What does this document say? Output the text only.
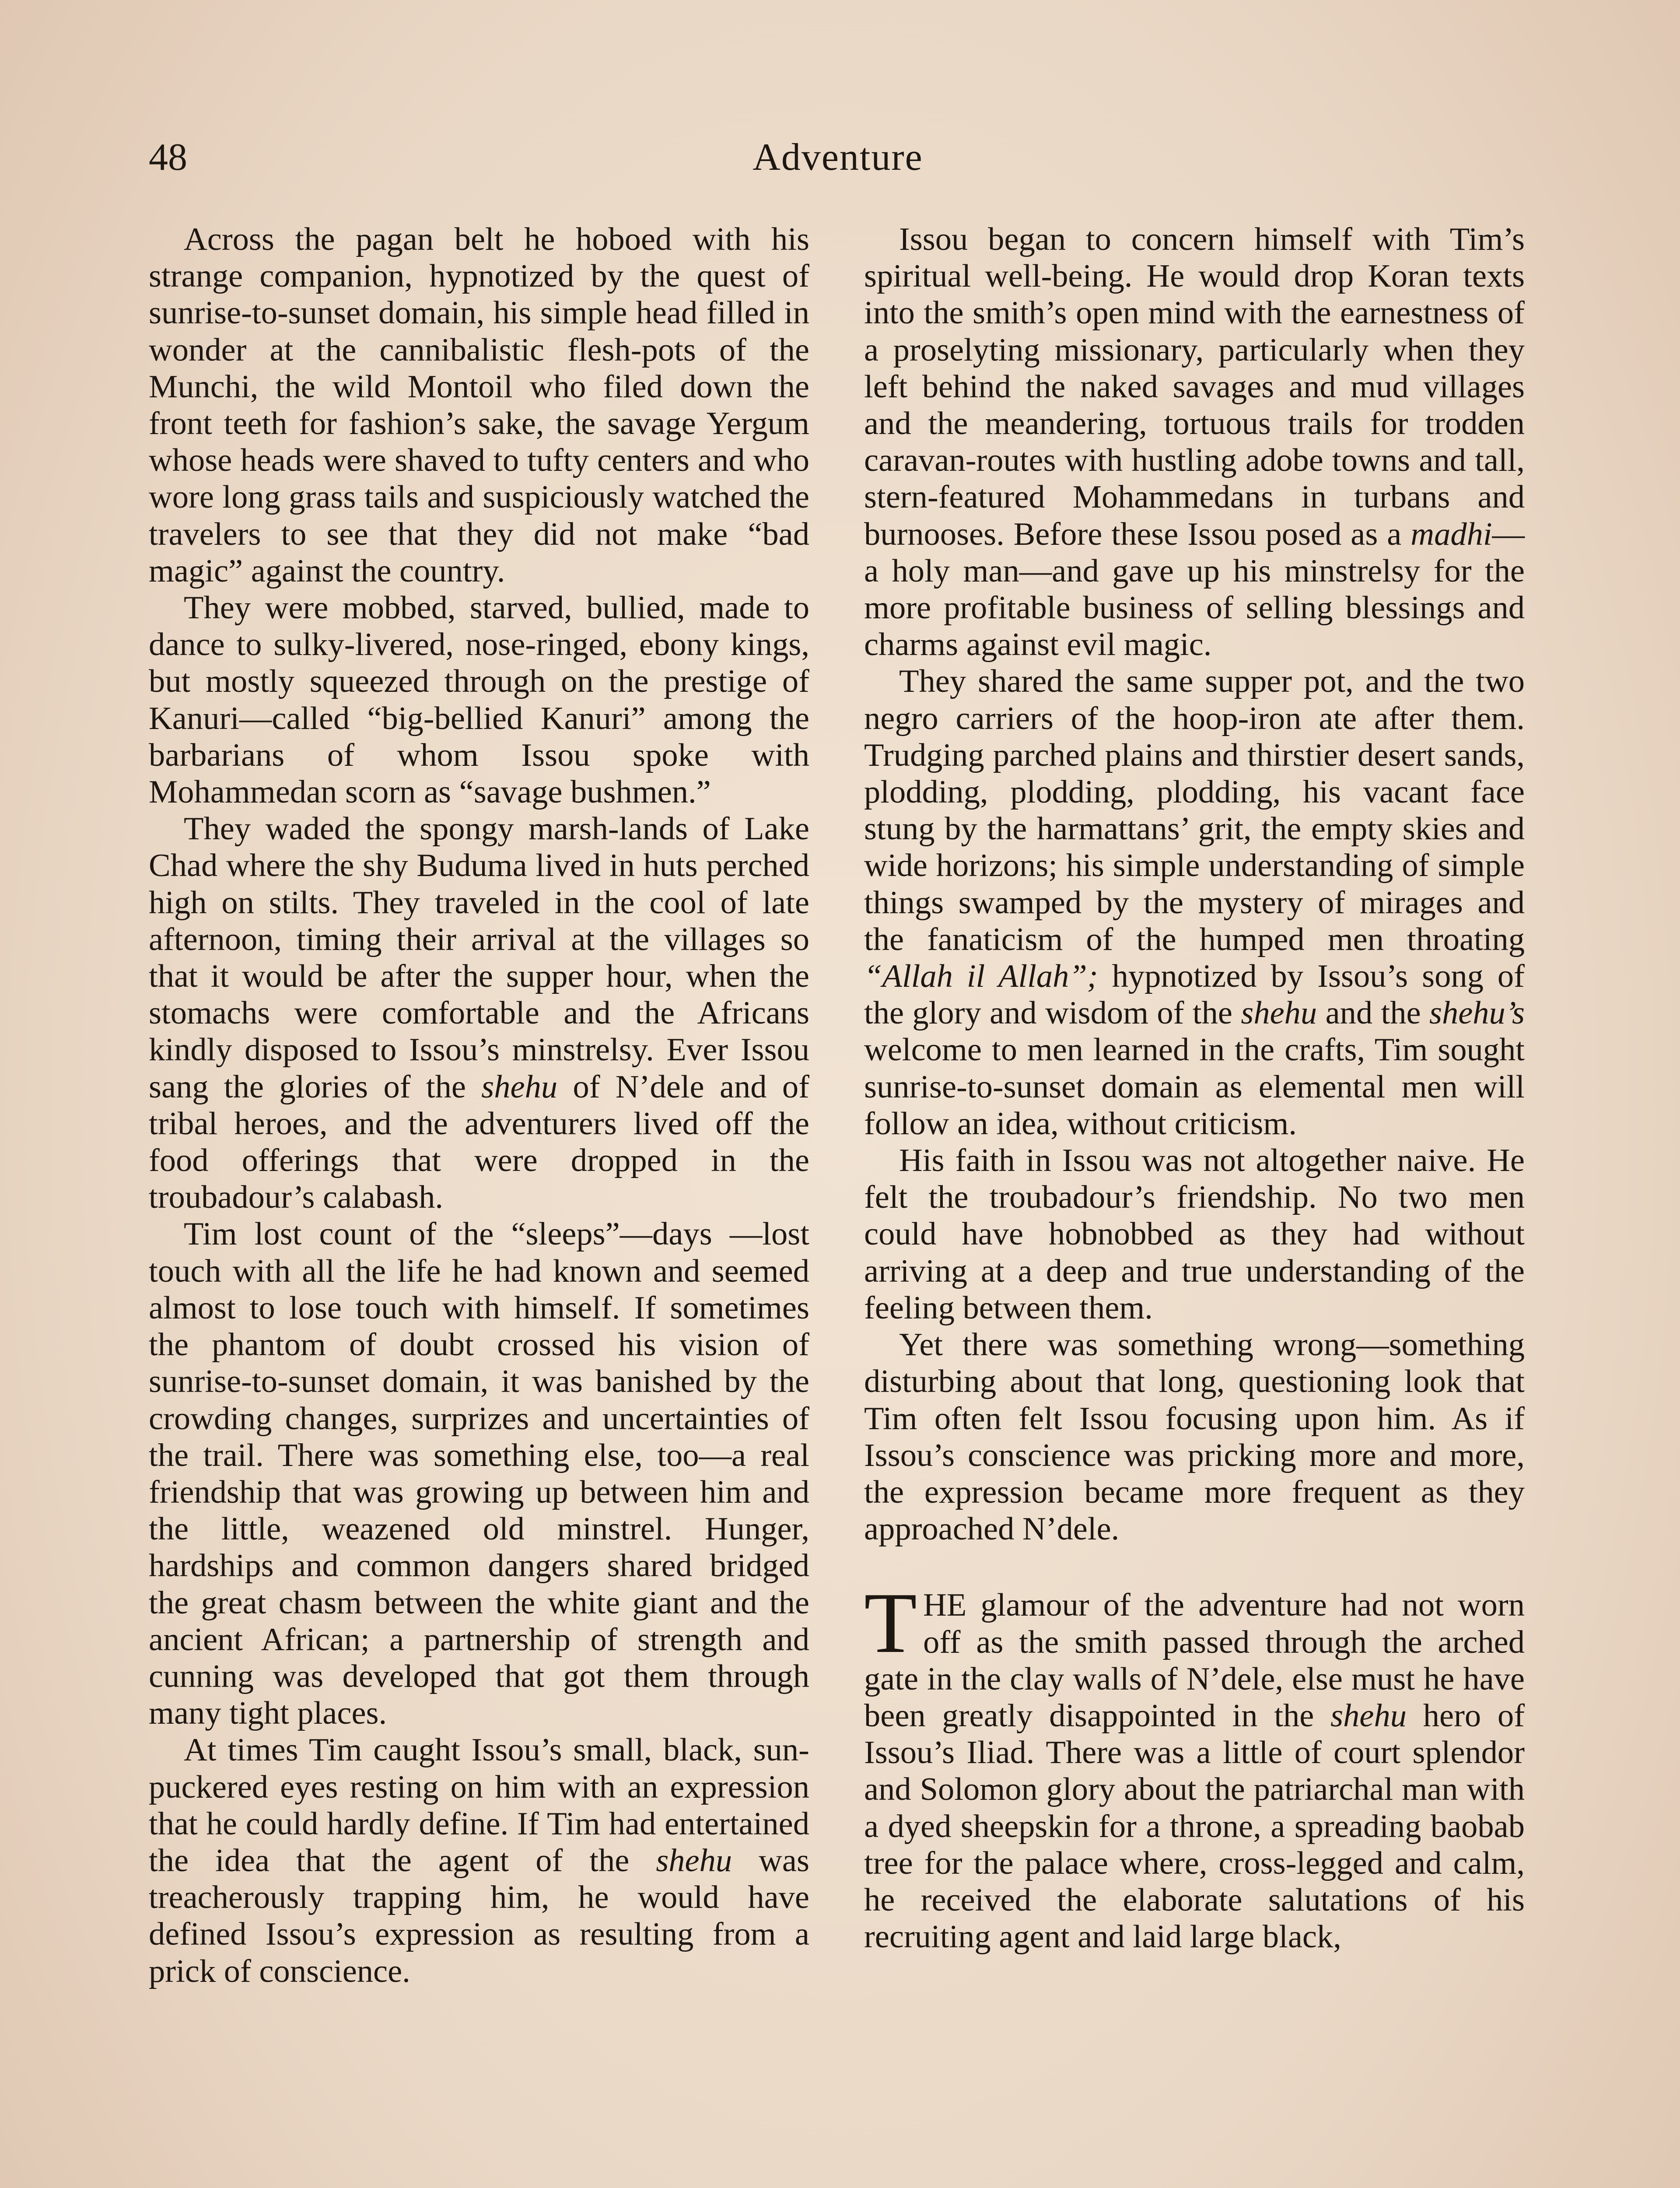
48	Adventure

Across the pagan belt he hoboed with his strange companion, hypnotized by the quest of sunrise-to-sunset domain, his simple head filled in wonder at the cannibalistic flesh-pots of the Munchi, the wild Montoil who filed down the front teeth for fashion’s sake, the savage Yergum whose heads were shaved to tufty centers and who wore long grass tails and suspiciously watched the travelers to see that they did not make “bad magic” against the country.

They were mobbed, starved, bullied, made to dance to sulky-livered, nose-ringed, ebony kings, but mostly squeezed through on the prestige of Kanuri—called “big-bellied Kanuri” among the barbarians of whom Issou spoke with Mohammedan scorn as “savage bushmen.”

They waded the spongy marsh-lands of Lake Chad where the shy Buduma lived in huts perched high on stilts. They traveled in the cool of late afternoon, timing their arrival at the villages so that it would be after the supper hour, when the stomachs were comfortable and the Africans kindly disposed to Issou’s minstrelsy. Ever Issou sang the glories of the shehu of N’dele and of tribal heroes, and the adventurers lived off the food offerings that were dropped in the troubadour’s calabash.

Tim lost count of the “sleeps”—days —lost touch with all the life he had known and seemed almost to lose touch with himself. If sometimes the phantom of doubt crossed his vision of sunrise-to-sunset domain, it was banished by the crowding changes, surprizes and uncertainties of the trail. There was something else, too—a real friendship that was growing up between him and the little, weazened old minstrel. Hunger, hardships and common dangers shared bridged the great chasm between the white giant and the ancient African; a partnership of strength and cunning was developed that got them through many tight places.

At times Tim caught Issou’s small, black, sun-puckered eyes resting on him with an expression that he could hardly define. If Tim had entertained the idea that the agent of the shehu was treacherously trapping him, he would have defined Issou’s expression as resulting from a prick of conscience.

Issou began to concern himself with Tim’s spiritual well-being. He would drop Koran texts into the smith’s open mind with the earnestness of a proselyting missionary, particularly when they left behind the naked savages and mud villages and the meandering, tortuous trails for trodden caravan-routes with hustling adobe towns and tall, stern-featured Mohammedans in turbans and burnooses. Before these Issou posed as a madhi—a holy man—and gave up his minstrelsy for the more profitable business of selling blessings and charms against evil magic.

They shared the same supper pot, and the two negro carriers of the hoop-iron ate after them. Trudging parched plains and thirstier desert sands, plodding, plodding, plodding, his vacant face stung by the harmattans’ grit, the empty skies and wide horizons; his simple understanding of simple things swamped by the mystery of mirages and the fanaticism of the humped men throating “Allah il Allah”; hypnotized by Issou’s song of the glory and wisdom of the shehu and the shehu’s welcome to men learned in the crafts, Tim sought sunrise-to-sunset domain as elemental men will follow an idea, without criticism.

His faith in Issou was not altogether naive. He felt the troubadour’s friendship. No two men could have hobnobbed as they had without arriving at a deep and true understanding of the feeling between them.

Yet there was something wrong—something disturbing about that long, questioning look that Tim often felt Issou focusing upon him. As if Issou’s conscience was pricking more and more, the expression became more frequent as they approached N’dele.

THE glamour of the adventure had not worn off as the smith passed through the arched gate in the clay walls of N’dele, else must he have been greatly disappointed in the shehu hero of Issou’s Iliad. There was a little of court splendor and Solomon glory about the patriarchal man with a dyed sheepskin for a throne, a spreading baobab tree for the palace where, cross-legged and calm, he received the elaborate salutations of his recruiting agent and laid large black,
